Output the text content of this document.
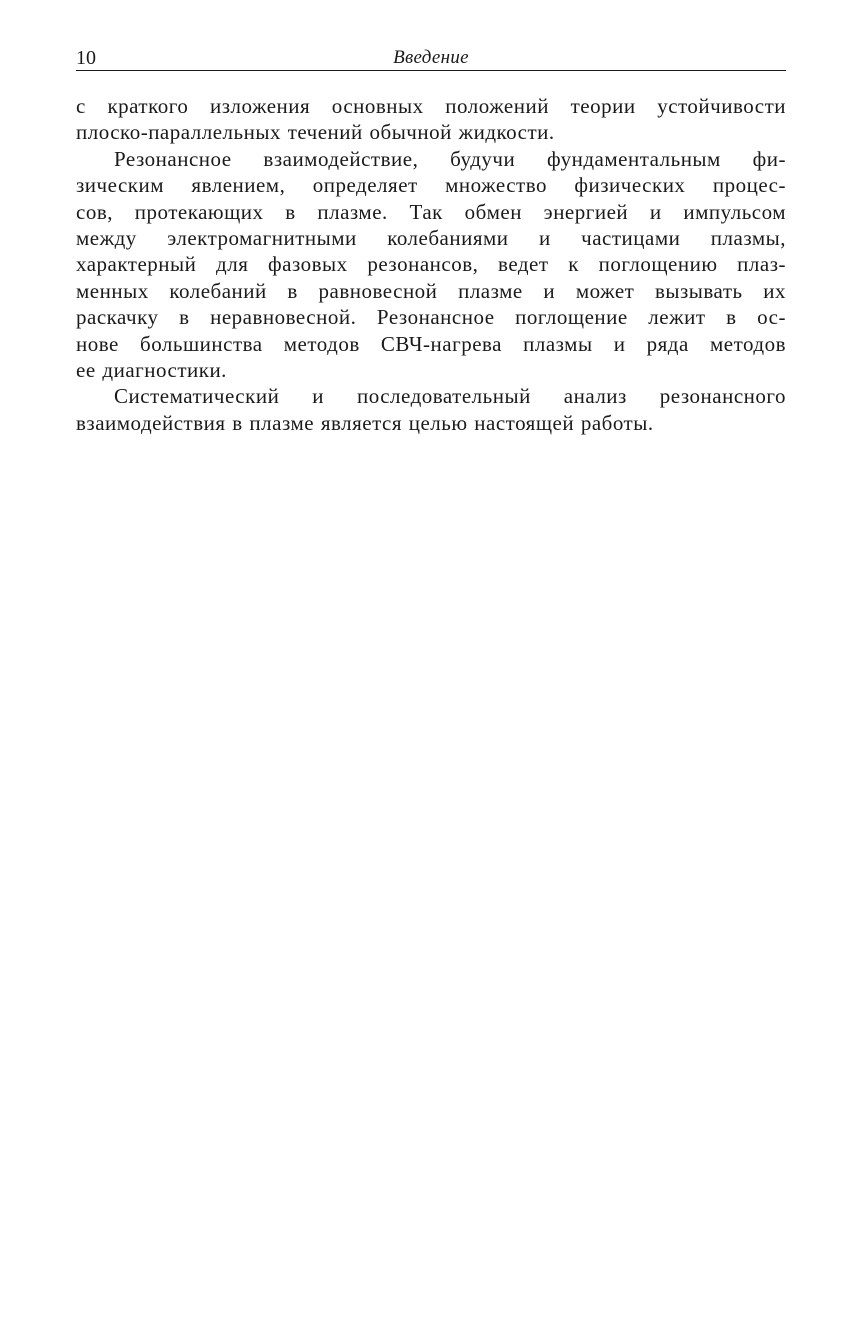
10	Введение

с краткого изложения основных положений теории устойчивости
плоско-параллельных течений обычной жидкости.

Резонансное взаимодействие, будучи фундаментальным фи-
зическим явлением, определяет множество физических процес-
сов, протекающих в плазме. Так обмен энергией и импульсом
между электромагнитными колебаниями и частицами плазмы,
характерный для фазовых резонансов, ведет к поглощению плаз-
менных колебаний в равновесной плазме и может вызывать их
раскачку в неравновесной. Резонансное поглощение лежит в ос-
нове большинства методов СВЧ-нагрева плазмы и ряда методов
ее диагностики.

Систематический и последовательный анализ резонансного
взаимодействия в плазме является целью настоящей работы.
